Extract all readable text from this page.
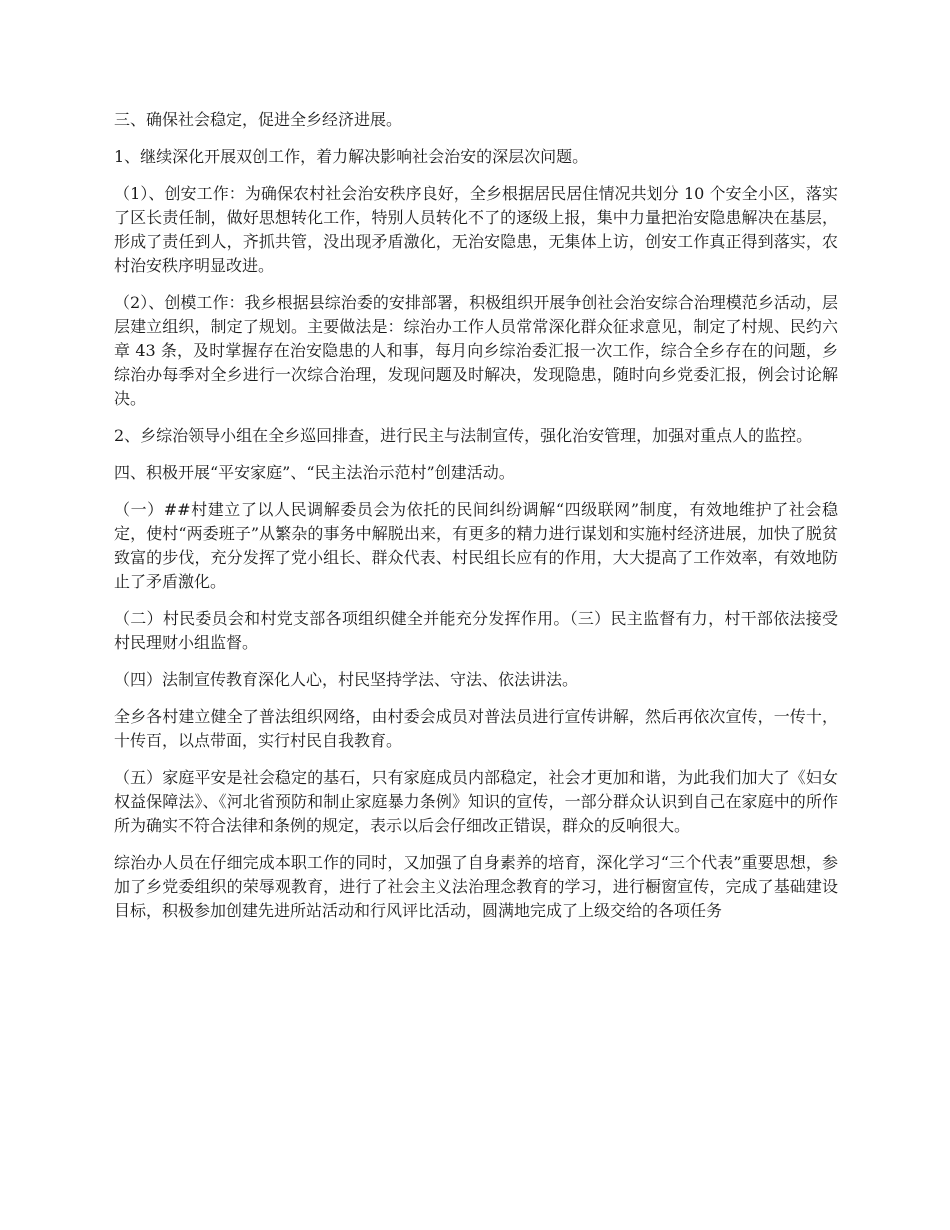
三、确保社会稳定，促进全乡经济进展。

1、继续深化开展双创工作，着力解决影响社会治安的深层次问题。

（1）、创安工作：为确保农村社会治安秩序良好，全乡根据居民居住情况共划分 10 个安全小区，落实了区长责任制，做好思想转化工作，特别人员转化不了的逐级上报，集中力量把治安隐患解决在基层，形成了责任到人，齐抓共管，没出现矛盾激化，无治安隐患，无集体上访，创安工作真正得到落实，农村治安秩序明显改进。

（2）、创模工作：我乡根据县综治委的安排部署，积极组织开展争创社会治安综合治理模范乡活动，层层建立组织，制定了规划。主要做法是：综治办工作人员常常深化群众征求意见，制定了村规、民约六章 43 条，及时掌握存在治安隐患的人和事，每月向乡综治委汇报一次工作，综合全乡存在的问题，乡综治办每季对全乡进行一次综合治理，发现问题及时解决，发现隐患，随时向乡党委汇报，例会讨论解决。

2、乡综治领导小组在全乡巡回排查，进行民主与法制宣传，强化治安管理，加强对重点人的监控。

四、积极开展“平安家庭”、“民主法治示范村”创建活动。

（一）##村建立了以人民调解委员会为依托的民间纠纷调解“四级联网”制度，有效地维护了社会稳定，使村“两委班子”从繁杂的事务中解脱出来，有更多的精力进行谋划和实施村经济进展，加快了脱贫致富的步伐，充分发挥了党小组长、群众代表、村民组长应有的作用，大大提高了工作效率，有效地防止了矛盾激化。

（二）村民委员会和村党支部各项组织健全并能充分发挥作用。（三）民主监督有力，村干部依法接受村民理财小组监督。

（四）法制宣传教育深化人心，村民坚持学法、守法、依法讲法。

全乡各村建立健全了普法组织网络，由村委会成员对普法员进行宣传讲解，然后再依次宣传，一传十，十传百，以点带面，实行村民自我教育。

（五）家庭平安是社会稳定的基石，只有家庭成员内部稳定，社会才更加和谐，为此我们加大了《妇女权益保障法》、《河北省预防和制止家庭暴力条例》知识的宣传，一部分群众认识到自己在家庭中的所作所为确实不符合法律和条例的规定，表示以后会仔细改正错误，群众的反响很大。

综治办人员在仔细完成本职工作的同时，又加强了自身素养的培育，深化学习“三个代表”重要思想，参加了乡党委组织的荣辱观教育，进行了社会主义法治理念教育的学习，进行橱窗宣传，完成了基础建设目标，积极参加创建先进所站活动和行风评比活动，圆满地完成了上级交给的各项任务
